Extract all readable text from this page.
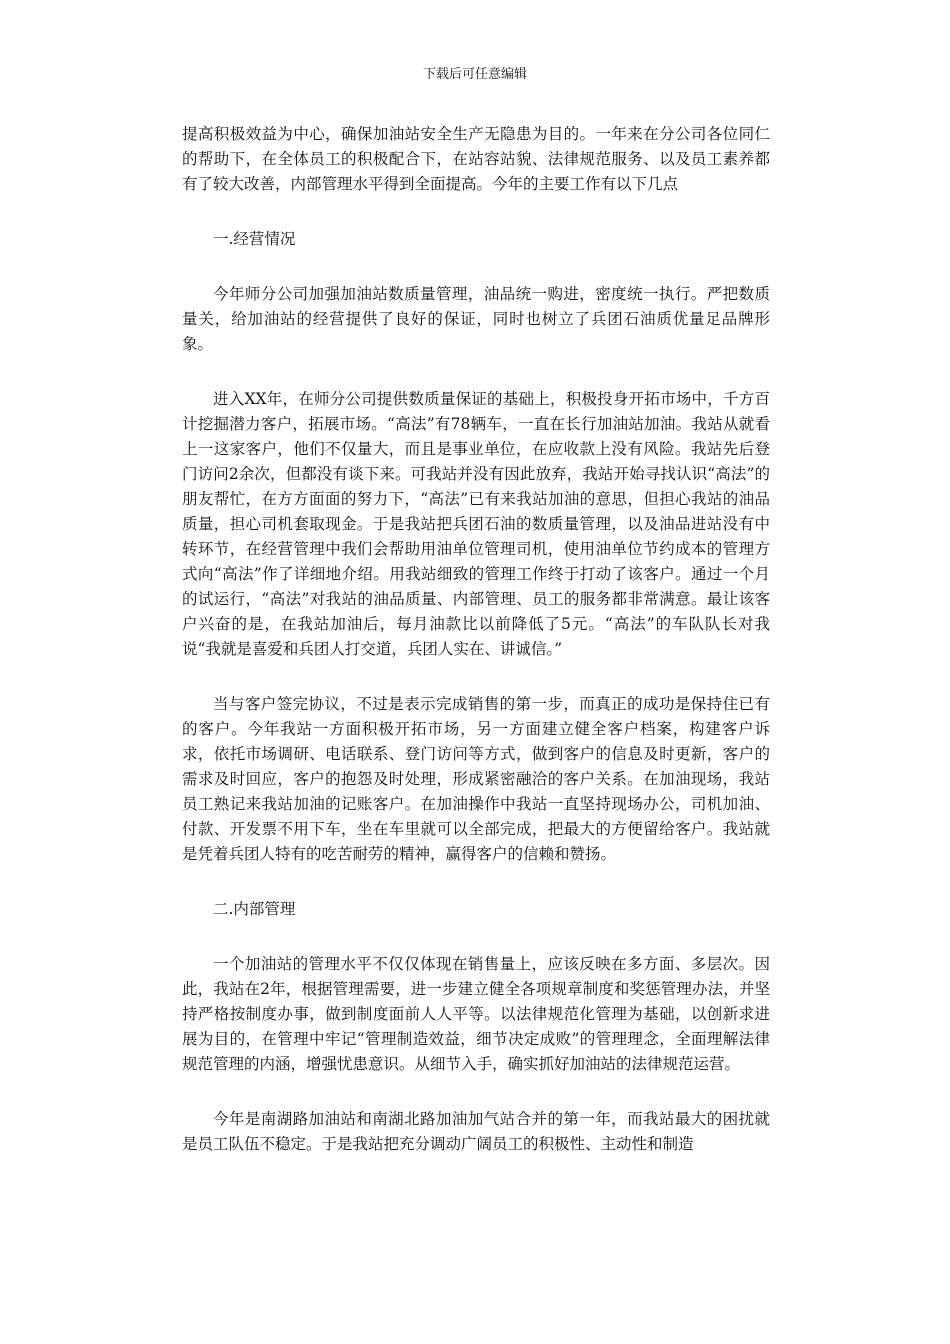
下载后可任意编辑

提高积极效益为中心，确保加油站安全生产无隐患为目的。一年来在分公司各位同仁的帮助下，在全体员工的积极配合下，在站容站貌、法律规范服务、以及员工素养都有了较大改善，内部管理水平得到全面提高。今年的主要工作有以下几点

一.经营情况

今年师分公司加强加油站数质量管理，油品统一购进，密度统一执行。严把数质量关，给加油站的经营提供了良好的保证，同时也树立了兵团石油质优量足品牌形象。

进入XX年，在师分公司提供数质量保证的基础上，积极投身开拓市场中，千方百计挖掘潜力客户，拓展市场。“高法”有78辆车，一直在长行加油站加油。我站从就看上一这家客户，他们不仅量大，而且是事业单位，在应收款上没有风险。我站先后登门访问2余次，但都没有谈下来。可我站并没有因此放弃，我站开始寻找认识“高法”的朋友帮忙，在方方面面的努力下，“高法”已有来我站加油的意思，但担心我站的油品质量，担心司机套取现金。于是我站把兵团石油的数质量管理，以及油品进站没有中转环节，在经营管理中我们会帮助用油单位管理司机，使用油单位节约成本的管理方式向“高法”作了详细地介绍。用我站细致的管理工作终于打动了该客户。通过一个月的试运行，“高法”对我站的油品质量、内部管理、员工的服务都非常满意。最让该客户兴奋的是，在我站加油后，每月油款比以前降低了5元。“高法”的车队队长对我说“我就是喜爱和兵团人打交道，兵团人实在、讲诚信。”

当与客户签完协议，不过是表示完成销售的第一步，而真正的成功是保持住已有的客户。今年我站一方面积极开拓市场，另一方面建立健全客户档案，构建客户诉求，依托市场调研、电话联系、登门访问等方式，做到客户的信息及时更新，客户的需求及时回应，客户的抱怨及时处理，形成紧密融洽的客户关系。在加油现场，我站员工熟记来我站加油的记账客户。在加油操作中我站一直坚持现场办公，司机加油、付款、开发票不用下车，坐在车里就可以全部完成，把最大的方便留给客户。我站就是凭着兵团人特有的吃苦耐劳的精神，赢得客户的信赖和赞扬。

二.内部管理

一个加油站的管理水平不仅仅体现在销售量上，应该反映在多方面、多层次。因此，我站在2年，根据管理需要，进一步建立健全各项规章制度和奖惩管理办法，并坚持严格按制度办事，做到制度面前人人平等。以法律规范化管理为基础，以创新求进展为目的，在管理中牢记“管理制造效益，细节决定成败”的管理理念，全面理解法律规范管理的内涵，增强忧患意识。从细节入手，确实抓好加油站的法律规范运营。

今年是南湖路加油站和南湖北路加油加气站合并的第一年，而我站最大的困扰就是员工队伍不稳定。于是我站把充分调动广阔员工的积极性、主动性和制造
